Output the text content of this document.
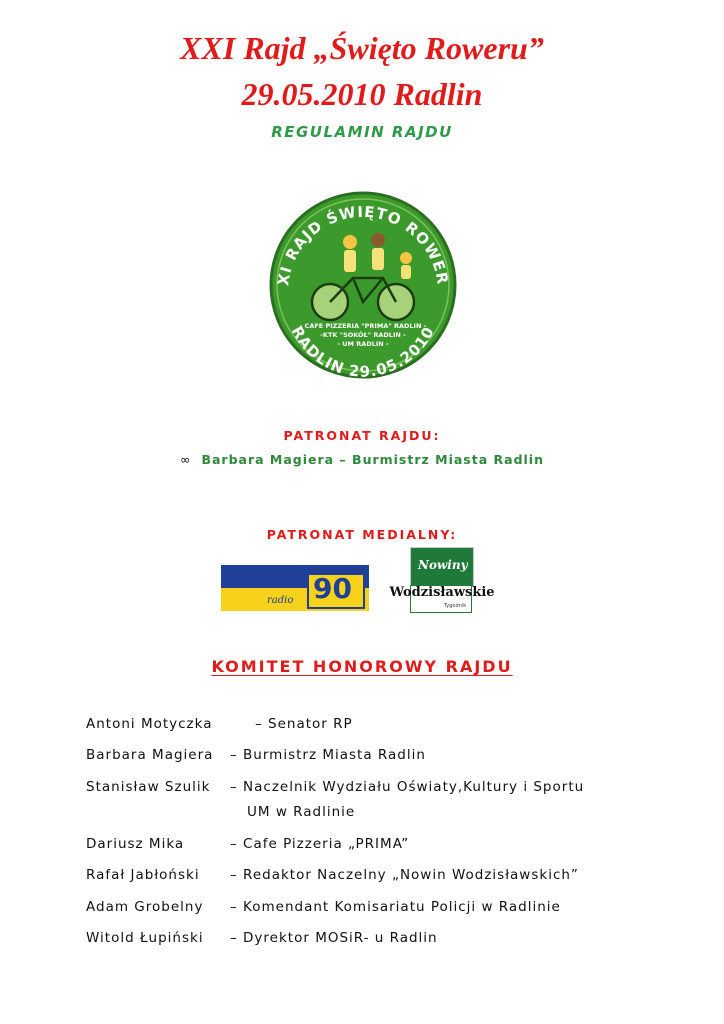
XXI Rajd „Święto Roweru”
29.05.2010 Radlin
REGULAMIN RAJDU
XI RAJD ŚWIĘTO ROWER
- CAFE PIZZERIA "PRIMA" RADLIN -
-KTK "SOKÓŁ" RADLIN -
- UM RADLIN -
RADLIN 29.05.2010
PATRONAT RAJDU:
∞ Barbara Magiera – Burmistrz Miasta Radlin
PATRONAT MEDIALNY:
radio 90
Nowiny
Wodzisławskie
Tygodnik
KOMITET HONOROWY RAJDU
Antoni Motyczka	– Senator RP
Barbara Magiera – Burmistrz Miasta Radlin
Stanisław Szulik – Naczelnik Wydziału Oświaty,Kultury i Sportu
UM w Radlinie
Dariusz Mika	– Cafe Pizzeria „PRIMA”
Rafał Jabłoński – Redaktor Naczelny „Nowin Wodzisławskich”
Adam Grobelny – Komendant Komisariatu Policji w Radlinie
Witold Łupiński – Dyrektor MOSiR- u Radlin
